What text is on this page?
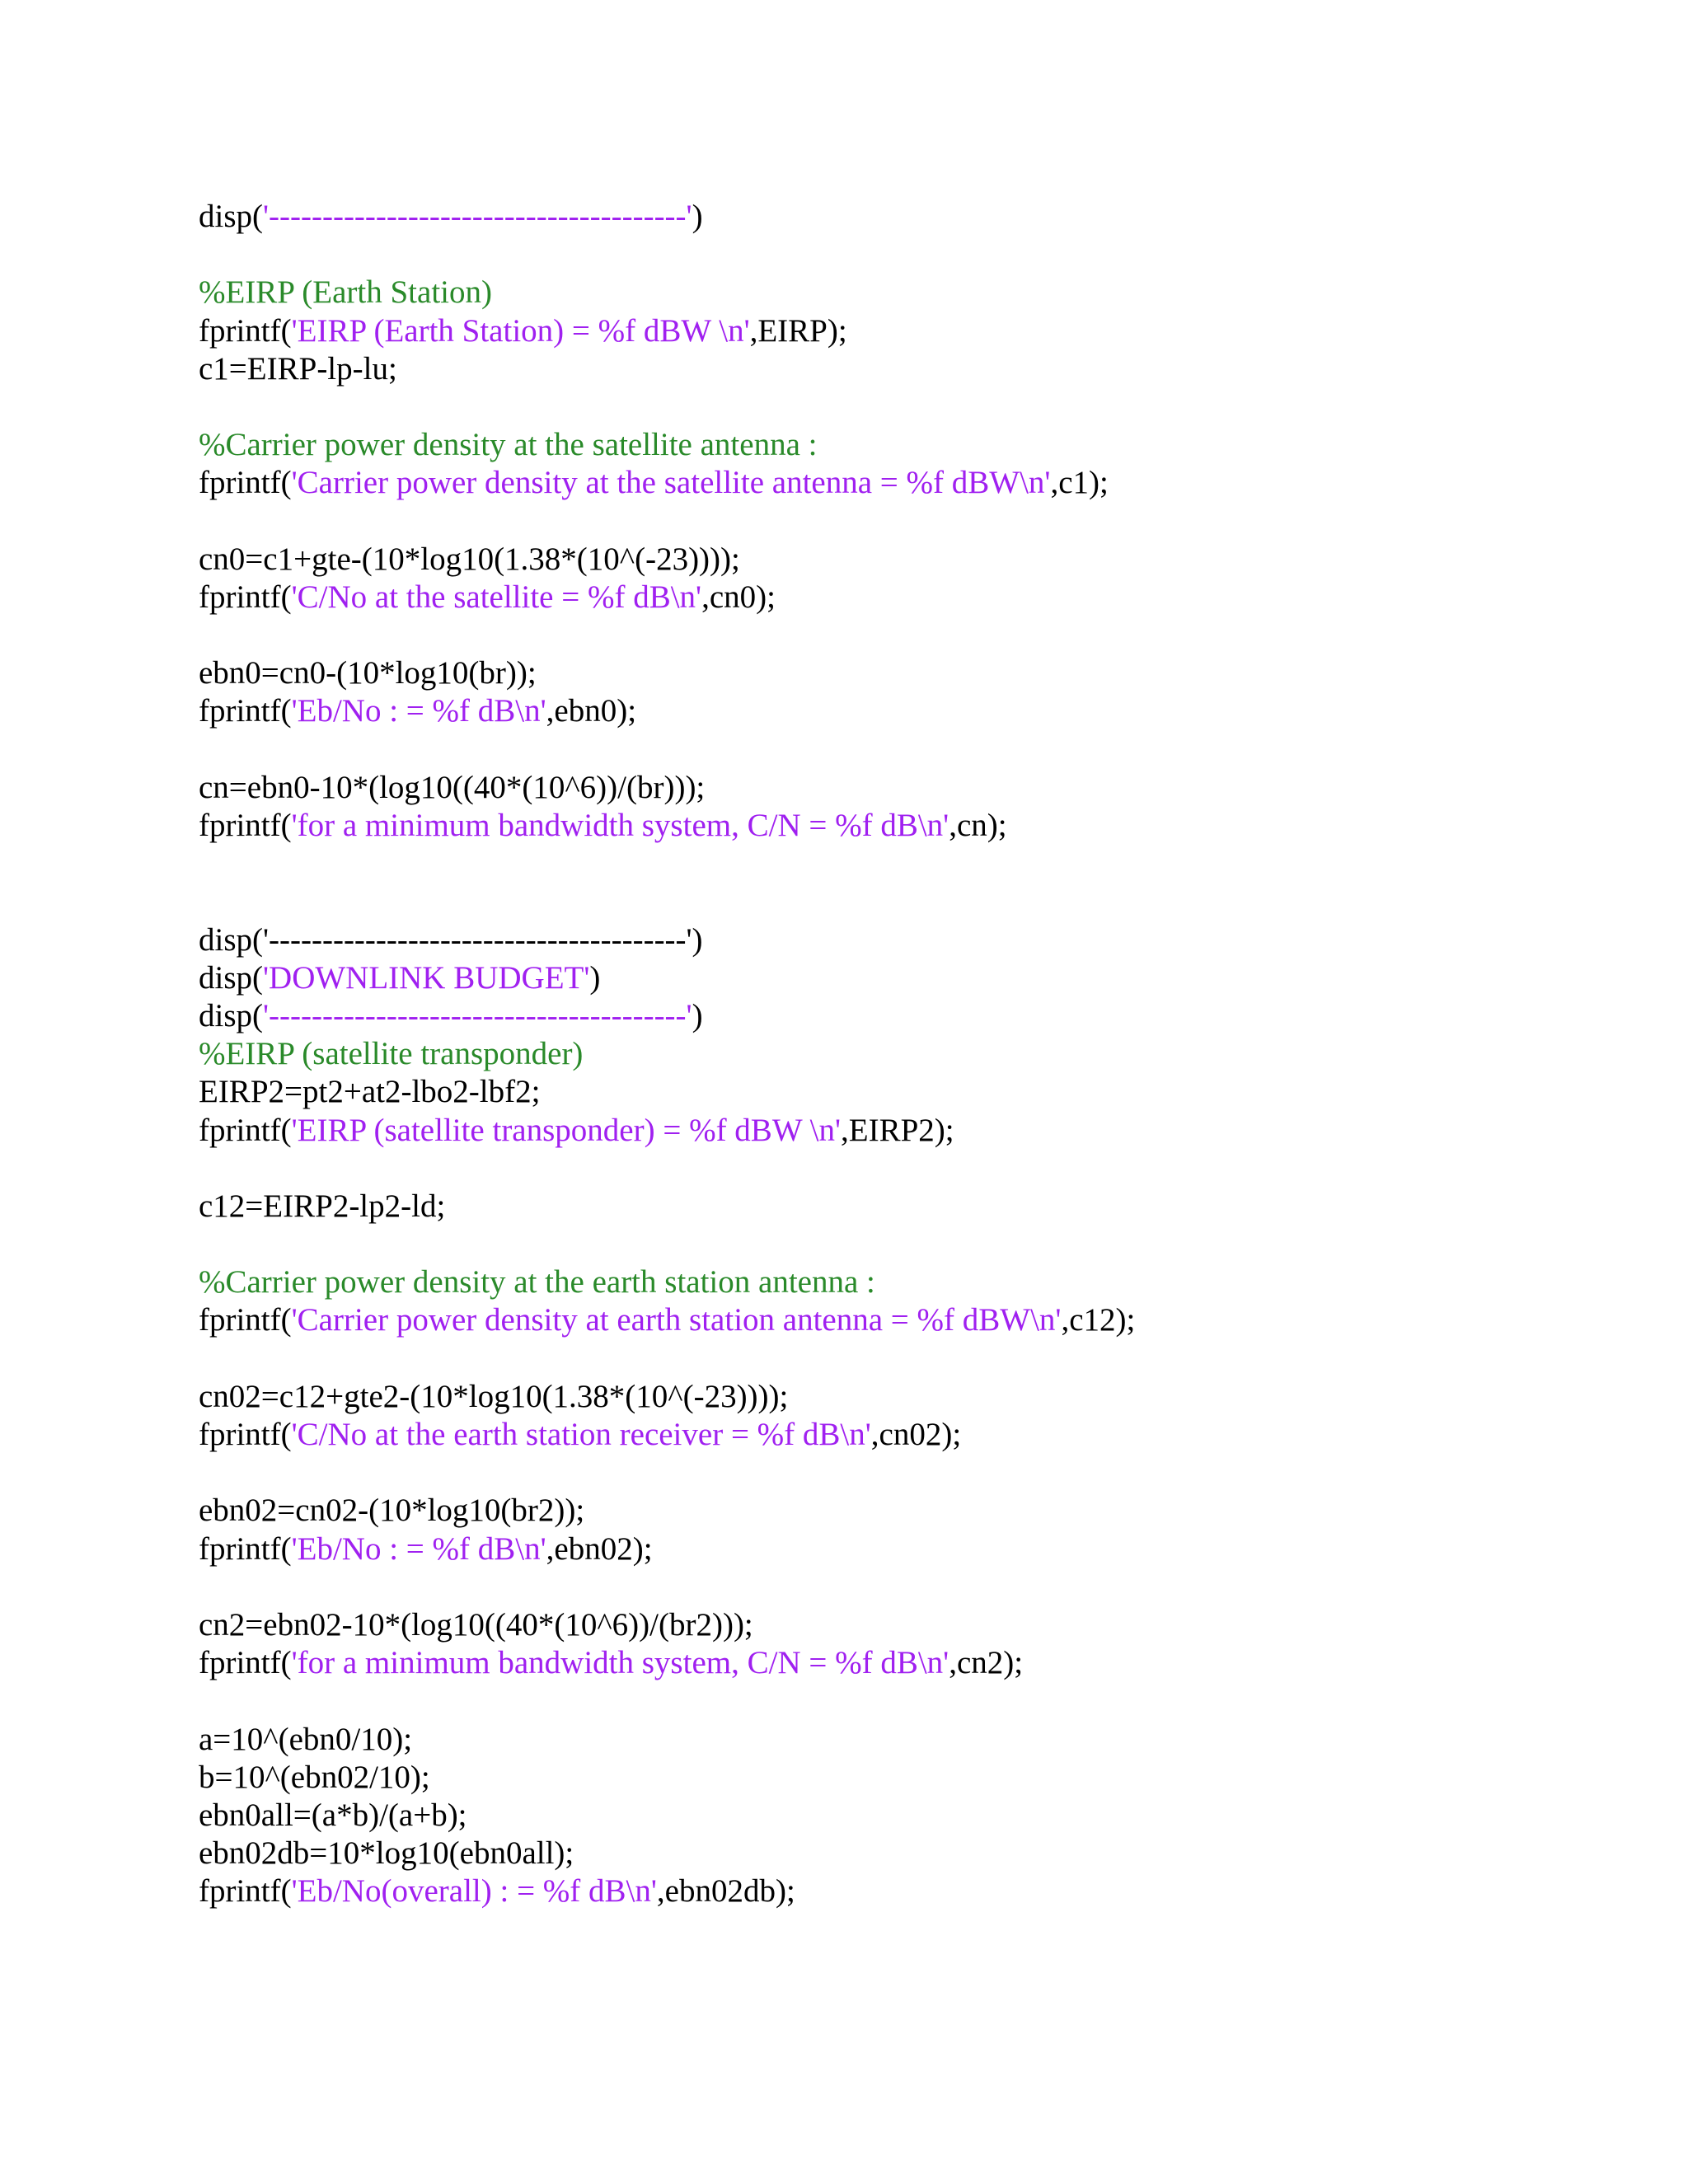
disp('---------------------------------------')
%EIRP (Earth Station)
fprintf('EIRP (Earth Station) = %f dBW \n',EIRP);
c1=EIRP-lp-lu;
%Carrier power density at the satellite antenna :
fprintf('Carrier power density at the satellite antenna = %f dBW\n',c1);
cn0=c1+gte-(10*log10(1.38*(10^(-23))));
fprintf('C/No at the satellite = %f dB\n',cn0);
ebn0=cn0-(10*log10(br));
fprintf('Eb/No : = %f dB\n',ebn0);
cn=ebn0-10*(log10((40*(10^6))/(br)));
fprintf('for a minimum bandwidth system, C/N = %f dB\n',cn);
disp('---------------------------------------')
disp('DOWNLINK BUDGET')
disp('---------------------------------------')
%EIRP (satellite transponder)
EIRP2=pt2+at2-lbo2-lbf2;
fprintf('EIRP (satellite transponder) = %f dBW \n',EIRP2);
c12=EIRP2-lp2-ld;
%Carrier power density at the earth station antenna :
fprintf('Carrier power density at earth station antenna = %f dBW\n',c12);
cn02=c12+gte2-(10*log10(1.38*(10^(-23))));
fprintf('C/No at the earth station receiver = %f dB\n',cn02);
ebn02=cn02-(10*log10(br2));
fprintf('Eb/No : = %f dB\n',ebn02);
cn2=ebn02-10*(log10((40*(10^6))/(br2)));
fprintf('for a minimum bandwidth system, C/N = %f dB\n',cn2);
a=10^(ebn0/10);
b=10^(ebn02/10);
ebn0all=(a*b)/(a+b);
ebn02db=10*log10(ebn0all);
fprintf('Eb/No(overall) : = %f dB\n',ebn02db);
